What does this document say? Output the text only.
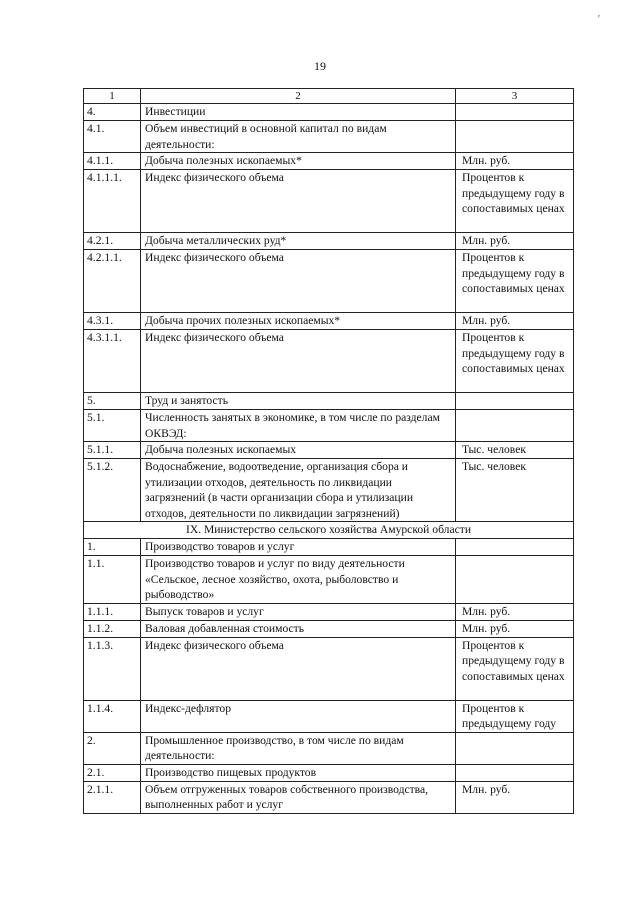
'
19
1	2	3
4.	Инвестиции	
4.1.	Объем инвестиций в основной капитал по видам деятельности:	
4.1.1.	Добыча полезных ископаемых*	Млн. руб.
4.1.1.1.	Индекс физического объема	Процентов к предыдущему году в сопоставимых ценах
4.2.1.	Добыча металлических руд*	Млн. руб.
4.2.1.1.	Индекс физического объема	Процентов к предыдущему году в сопоставимых ценах
4.3.1.	Добыча прочих полезных ископаемых*	Млн. руб.
4.3.1.1.	Индекс физического объема	Процентов к предыдущему году в сопоставимых ценах
5.	Труд и занятость	
5.1.	Численность занятых в экономике, в том числе по разделам ОКВЭД:	
5.1.1.	Добыча полезных ископаемых	Тыс. человек
5.1.2.	Водоснабжение, водоотведение, организация сбора и утилизации отходов, деятельность по ликвидации загрязнений (в части организации сбора и утилизации отходов, деятельности по ликвидации загрязнений)	Тыс. человек
IX. Министерство сельского хозяйства Амурской области		
1.	Производство товаров и услуг	
1.1.	Производство товаров и услуг по виду деятельности «Сельское, лесное хозяйство, охота, рыболовство и рыбоводство»	
1.1.1.	Выпуск товаров и услуг	Млн. руб.
1.1.2.	Валовая добавленная стоимость	Млн. руб.
1.1.3.	Индекс физического объема	Процентов к предыдущему году в сопоставимых ценах
1.1.4.	Индекс-дефлятор	Процентов к предыдущему году
2.	Промышленное производство, в том числе по видам деятельности:	
2.1.	Производство пищевых продуктов	
2.1.1.	Объем отгруженных товаров собственного производства, выполненных работ и услуг	Млн. руб.
